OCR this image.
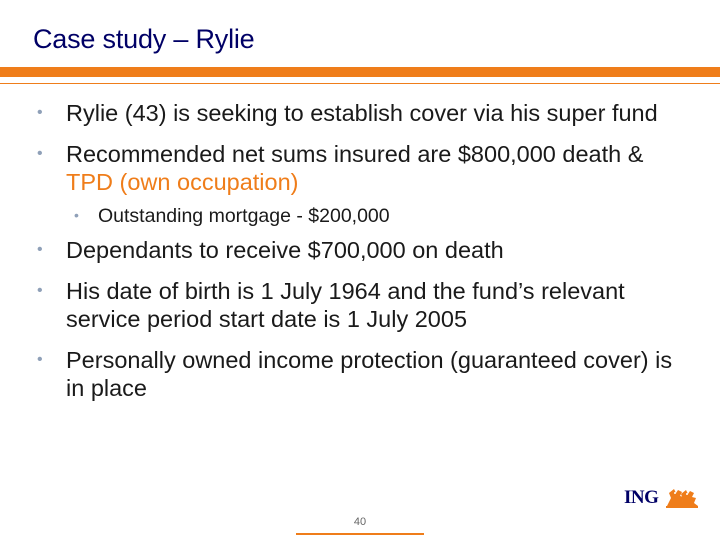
Case study – Rylie
• Rylie (43) is seeking to establish cover via his super fund
• Recommended net sums insured are $800,000 death & TPD (own occupation)
• Outstanding mortgage - $200,000
• Dependants to receive $700,000 on death
• His date of birth is 1 July 1964 and the fund’s relevant service period start date is 1 July 2005
• Personally owned income protection (guaranteed cover) is in place
ING
40
